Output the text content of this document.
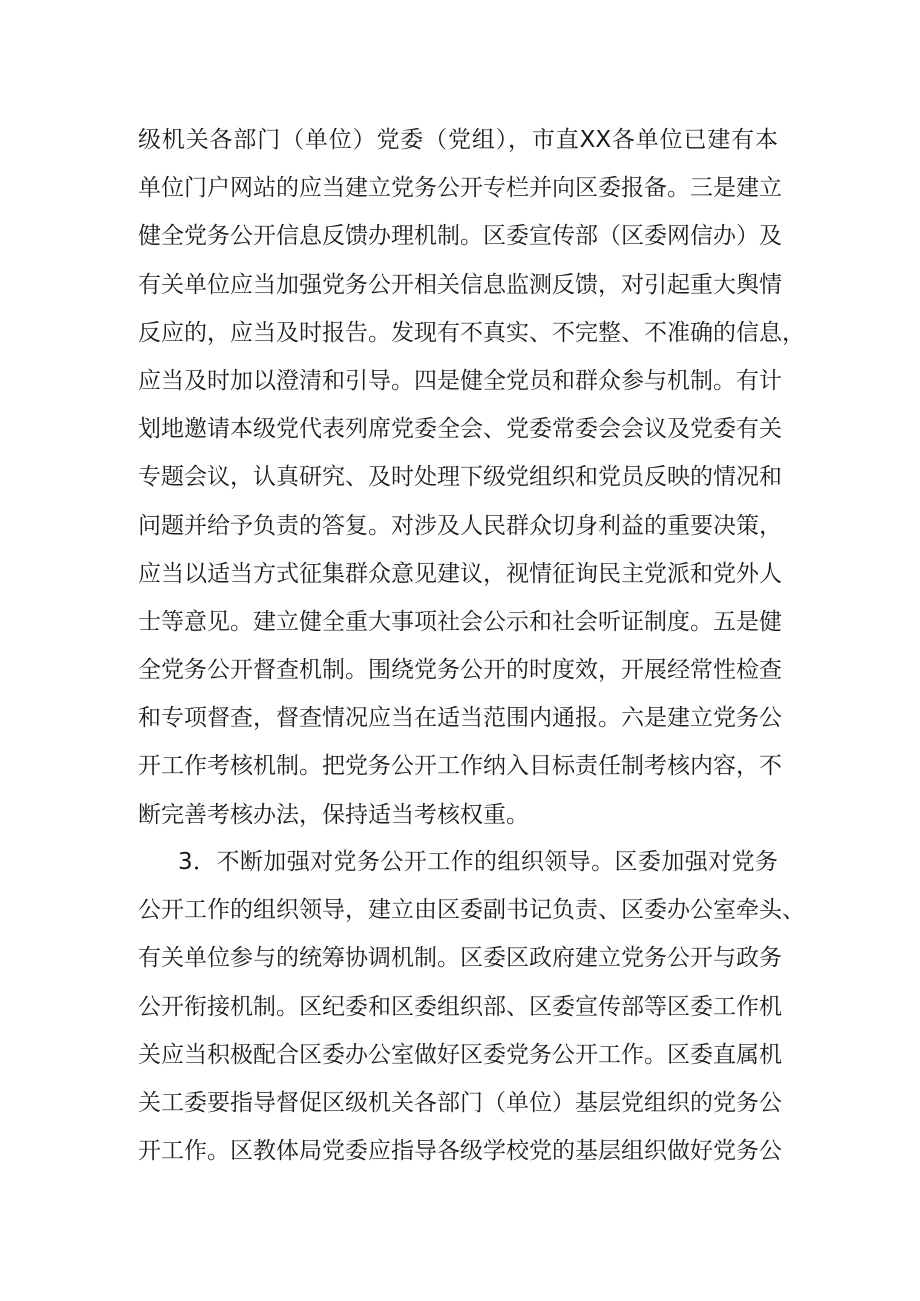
级机关各部门（单位）党委（党组），市直XX各单位已建有本
单位门户网站的应当建立党务公开专栏并向区委报备。三是建立
健全党务公开信息反馈办理机制。区委宣传部（区委网信办）及
有关单位应当加强党务公开相关信息监测反馈，对引起重大舆情
反应的，应当及时报告。发现有不真实、不完整、不准确的信息，
应当及时加以澄清和引导。四是健全党员和群众参与机制。有计
划地邀请本级党代表列席党委全会、党委常委会会议及党委有关
专题会议，认真研究、及时处理下级党组织和党员反映的情况和
问题并给予负责的答复。对涉及人民群众切身利益的重要决策，
应当以适当方式征集群众意见建议，视情征询民主党派和党外人
士等意见。建立健全重大事项社会公示和社会听证制度。五是健
全党务公开督查机制。围绕党务公开的时度效，开展经常性检查
和专项督查，督查情况应当在适当范围内通报。六是建立党务公
开工作考核机制。把党务公开工作纳入目标责任制考核内容，不
断完善考核办法，保持适当考核权重。
3．不断加强对党务公开工作的组织领导。区委加强对党务
公开工作的组织领导，建立由区委副书记负责、区委办公室牵头、
有关单位参与的统筹协调机制。区委区政府建立党务公开与政务
公开衔接机制。区纪委和区委组织部、区委宣传部等区委工作机
关应当积极配合区委办公室做好区委党务公开工作。区委直属机
关工委要指导督促区级机关各部门（单位）基层党组织的党务公
开工作。区教体局党委应指导各级学校党的基层组织做好党务公
